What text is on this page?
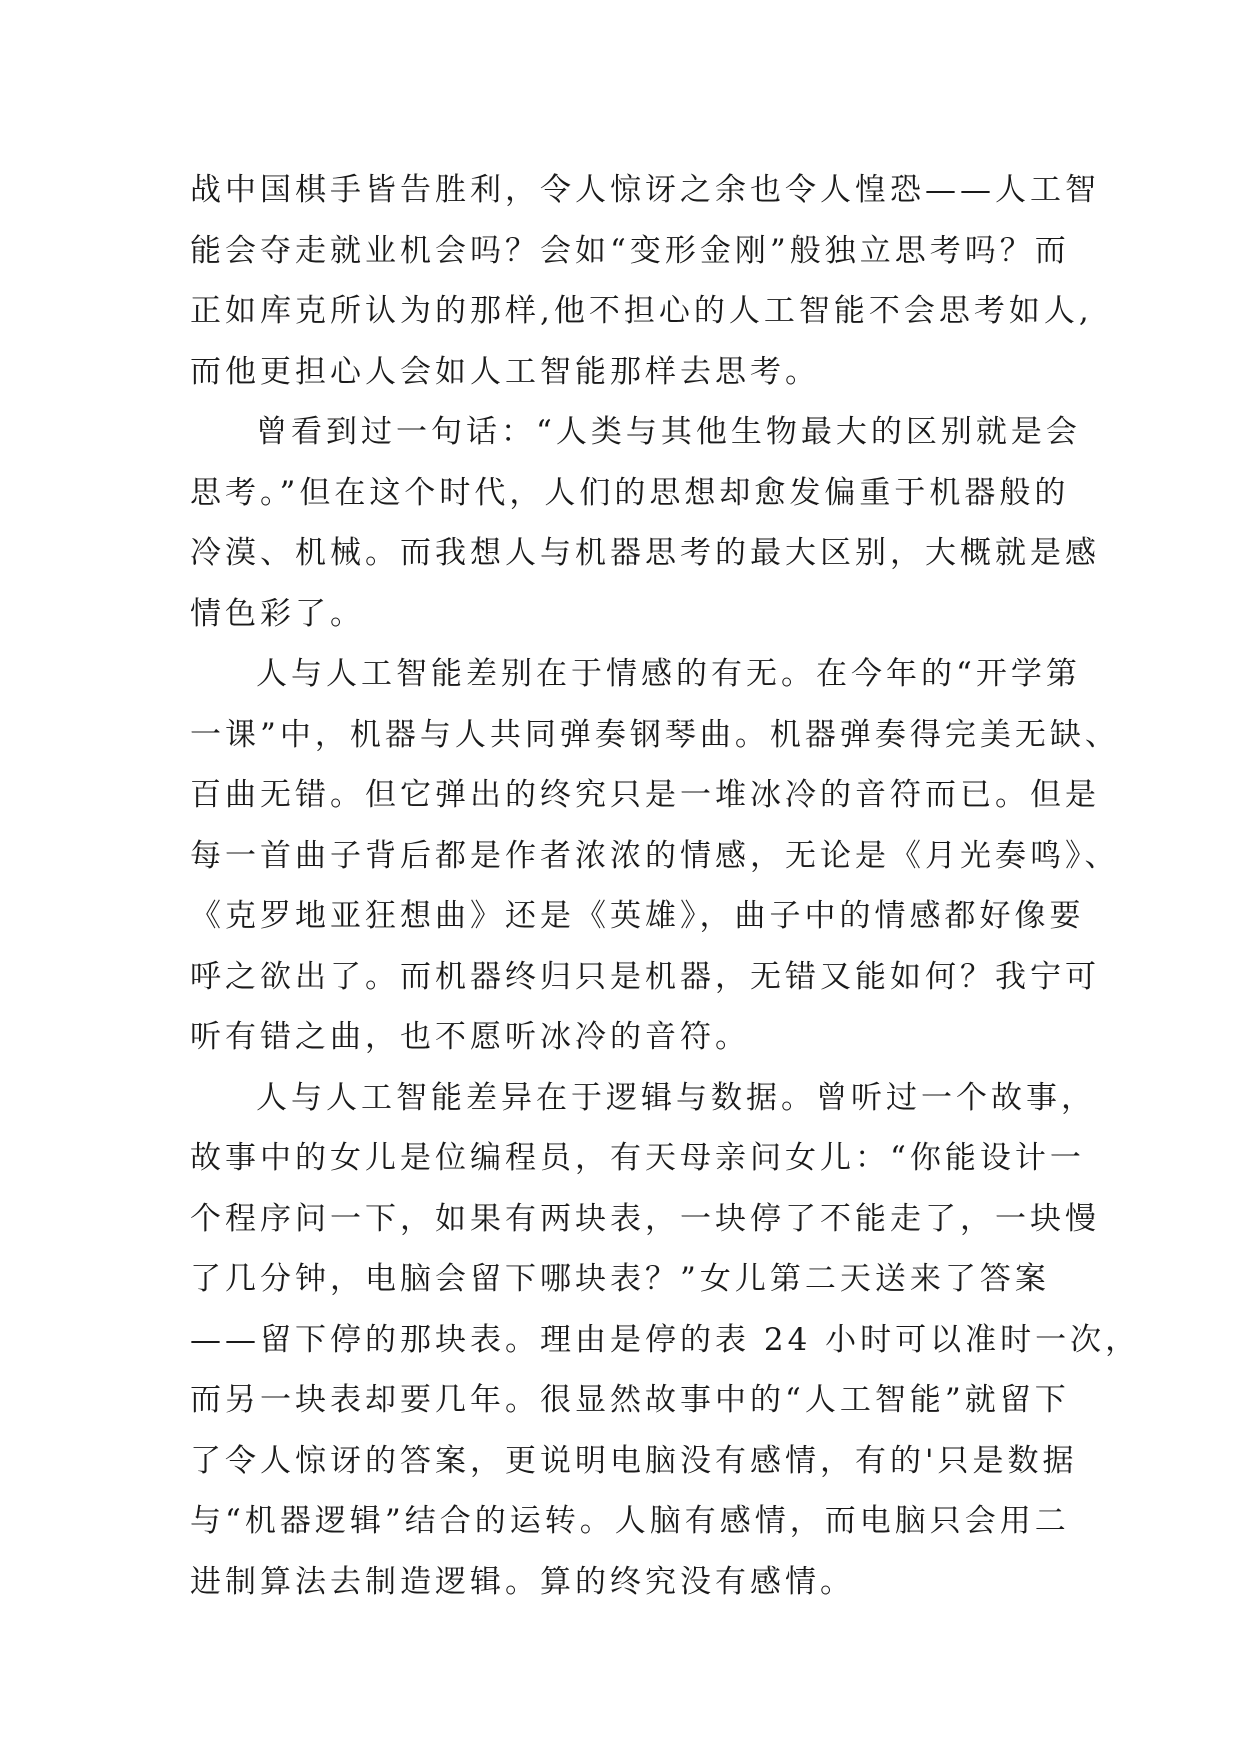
战中国棋手皆告胜利，令人惊讶之余也令人惶恐——人工智
能会夺走就业机会吗？会如“变形金刚”般独立思考吗？而
正如库克所认为的那样,他不担心的人工智能不会思考如人,
而他更担心人会如人工智能那样去思考。
曾看到过一句话：“人类与其他生物最大的区别就是会
思考。”但在这个时代，人们的思想却愈发偏重于机器般的
冷漠、机械。而我想人与机器思考的最大区别，大概就是感
情色彩了。
人与人工智能差别在于情感的有无。在今年的“开学第
一课”中，机器与人共同弹奏钢琴曲。机器弹奏得完美无缺、
百曲无错。但它弹出的终究只是一堆冰冷的音符而已。但是
每一首曲子背后都是作者浓浓的情感，无论是《月光奏鸣》、
《克罗地亚狂想曲》还是《英雄》，曲子中的情感都好像要
呼之欲出了。而机器终归只是机器，无错又能如何？我宁可
听有错之曲，也不愿听冰冷的音符。
人与人工智能差异在于逻辑与数据。曾听过一个故事，
故事中的女儿是位编程员，有天母亲问女儿：“你能设计一
个程序问一下，如果有两块表，一块停了不能走了，一块慢
了几分钟，电脑会留下哪块表？”女儿第二天送来了答案
——留下停的那块表。理由是停的表 24 小时可以准时一次，
而另一块表却要几年。很显然故事中的“人工智能”就留下
了令人惊讶的答案，更说明电脑没有感情，有的'只是数据
与“机器逻辑”结合的运转。人脑有感情，而电脑只会用二
进制算法去制造逻辑。算的终究没有感情。
